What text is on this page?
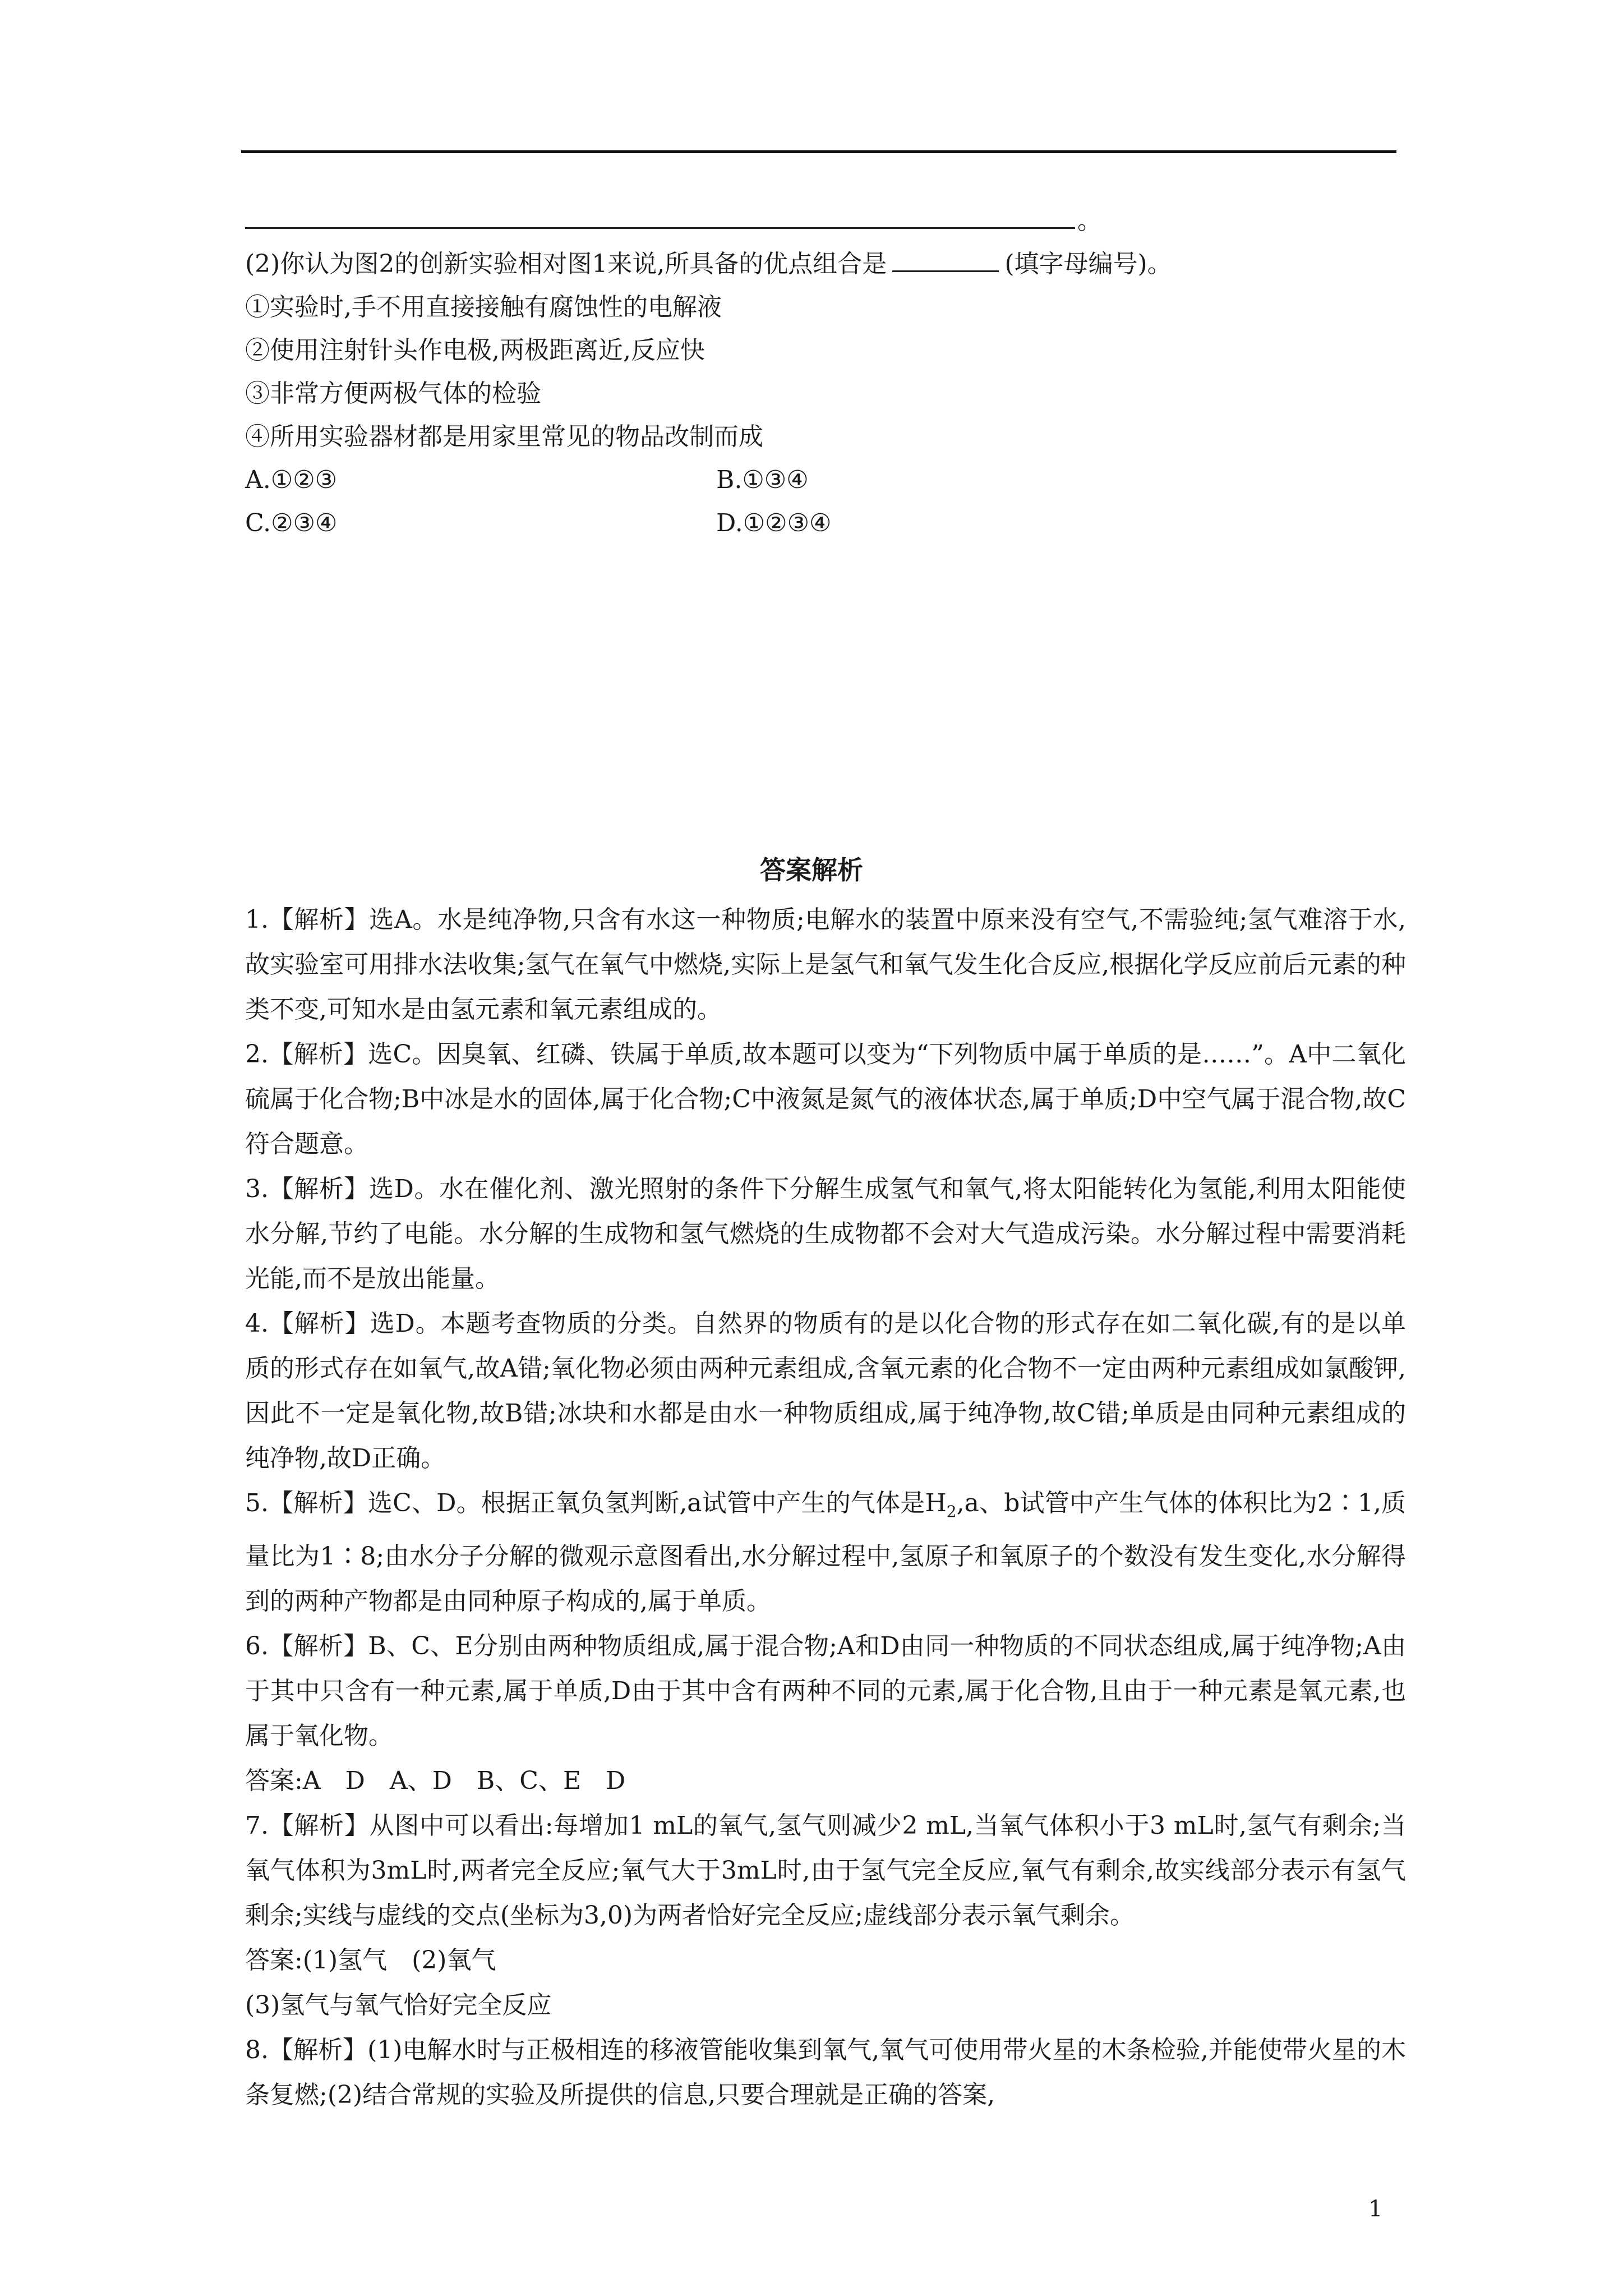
。
(2)你认为图2的创新实验相对图1来说,所具备的优点组合是	(填字母编号)。
①实验时,手不用直接接触有腐蚀性的电解液
②使用注射针头作电极,两极距离近,反应快
③非常方便两极气体的检验
④所用实验器材都是用家里常见的物品改制而成
A.①②③	B.①③④
C.②③④	D.①②③④
答案解析

1.【解析】选A。水是纯净物,只含有水这一种物质;电解水的装置中原来没有空气,不需验纯;氢气难溶于水,故实验室可用排水法收集;氢气在氧气中燃烧,实际上是氢气和氧气发生化合反应,根据化学反应前后元素的种类不变,可知水是由氢元素和氧元素组成的。

2.【解析】选C。因臭氧、红磷、铁属于单质,故本题可以变为“下列物质中属于单质的是……”。A中二氧化硫属于化合物;B中冰是水的固体,属于化合物;C中液氮是氮气的液体状态,属于单质;D中空气属于混合物,故C符合题意。

3.【解析】选D。水在催化剂、激光照射的条件下分解生成氢气和氧气,将太阳能转化为氢能,利用太阳能使水分解,节约了电能。水分解的生成物和氢气燃烧的生成物都不会对大气造成污染。水分解过程中需要消耗光能,而不是放出能量。

4.【解析】选D。本题考查物质的分类。自然界的物质有的是以化合物的形式存在如二氧化碳,有的是以单质的形式存在如氧气,故A错;氧化物必须由两种元素组成,含氧元素的化合物不一定由两种元素组成如氯酸钾,因此不一定是氧化物,故B错;冰块和水都是由水一种物质组成,属于纯净物,故C错;单质是由同种元素组成的纯净物,故D正确。

5.【解析】选C、D。根据正氧负氢判断,a试管中产生的气体是$H_2,a$、b试管中产生气体的体积比为2∶1,质量比为1∶8;由水分子分解的微观示意图看出,水分解过程中,氢原子和氧原子的个数没有发生变化,水分解得到的两种产物都是由同种原子构成的,属于单质。

6.【解析】B、C、E分别由两种物质组成,属于混合物;A和D由同一种物质的不同状态组成,属于纯净物;A由于其中只含有一种元素,属于单质,D由于其中含有两种不同的元素,属于化合物,且由于一种元素是氧元素,也属于氧化物。

答案:A　D　A、D　B、C、E　D

7.【解析】从图中可以看出:每增加1 mL的氧气,氢气则减少2 mL,当氧气体积小于3 mL时,氢气有剩余;当氧气体积为3mL时,两者完全反应;氧气大于3mL时,由于氢气完全反应,氧气有剩余,故实线部分表示有氢气剩余;实线与虚线的交点(坐标为3,0)为两者恰好完全反应;虚线部分表示氧气剩余。

答案:(1)氢气　(2)氧气

(3)氢气与氧气恰好完全反应

8.【解析】(1)电解水时与正极相连的移液管能收集到氧气,氧气可使用带火星的木条检验,并能使带火星的木条复燃;(2)结合常规的实验及所提供的信息,只要合理就是正确的答案,

1
